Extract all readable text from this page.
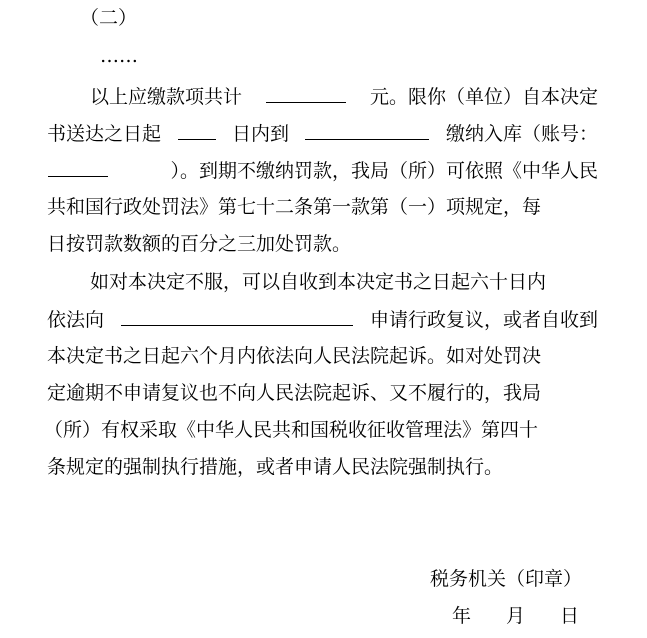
（二）
……
以上应缴款项共计	元。限你（单位）自本决定
书送达之日起	日内到	缴纳入库（账号：
）。到期不缴纳罚款，我局（所）可依照《中华人民
共和国行政处罚法》第七十二条第一款第（一）项规定，每
日按罚款数额的百分之三加处罚款。
如对本决定不服，可以自收到本决定书之日起六十日内
依法向	申请行政复议，或者自收到
本决定书之日起六个月内依法向人民法院起诉。如对处罚决
定逾期不申请复议也不向人民法院起诉、又不履行的，我局
（所）有权采取《中华人民共和国税收征收管理法》第四十
条规定的强制执行措施，或者申请人民法院强制执行。
税务机关（印章）
年 月 日
